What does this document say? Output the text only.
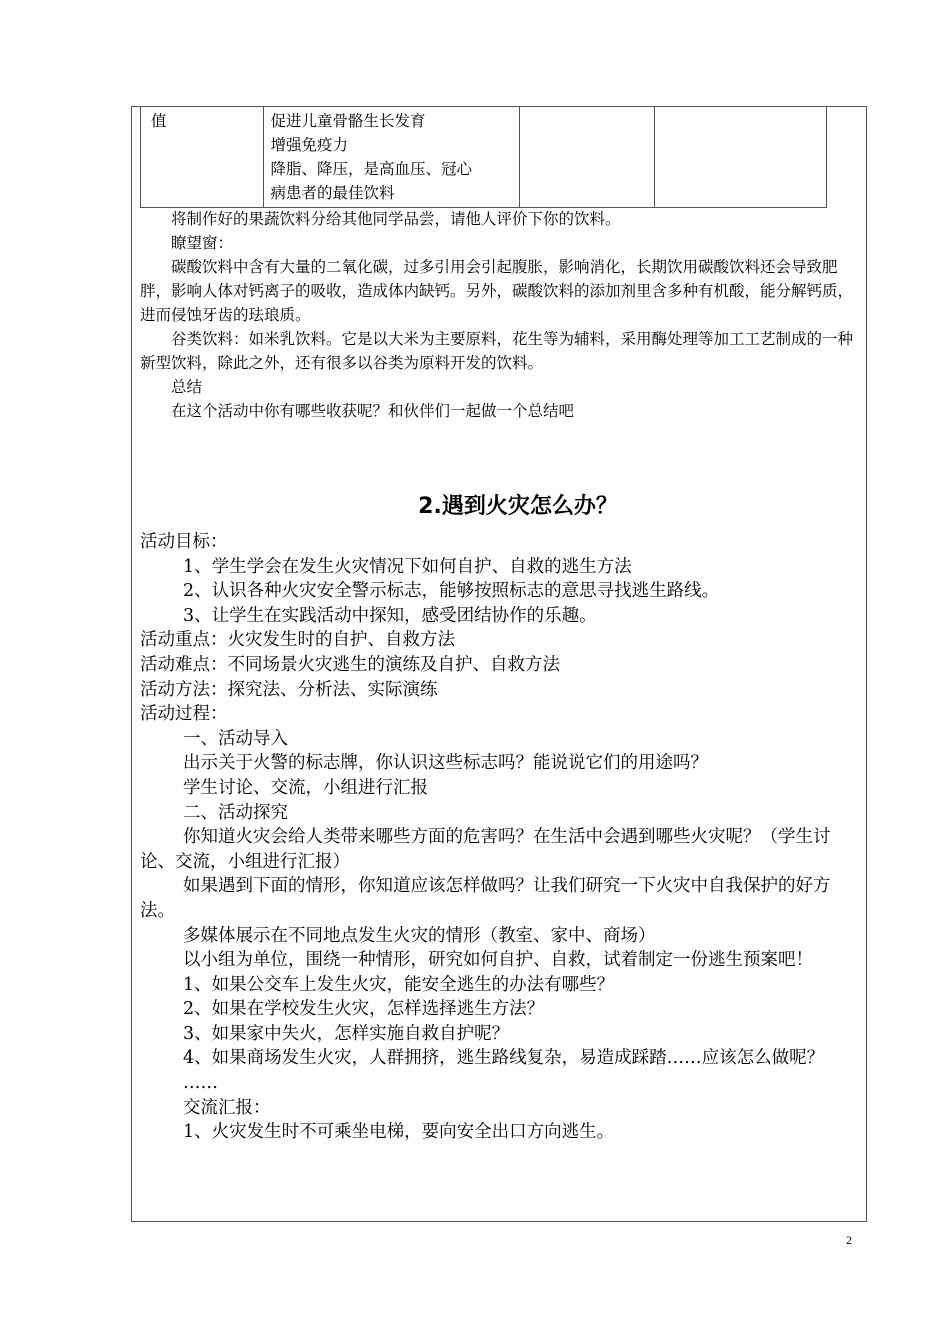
值	促进儿童骨骼生长发育
增强免疫力
降脂、降压，是高血压、冠心
病患者的最佳饮料

将制作好的果蔬饮料分给其他同学品尝，请他人评价下你的饮料。

瞭望窗：

碳酸饮料中含有大量的二氧化碳，过多引用会引起腹胀，影响消化，长期饮用碳酸饮料还会导致肥胖，影响人体对钙离子的吸收，造成体内缺钙。另外，碳酸饮料的添加剂里含多种有机酸，能分解钙质，进而侵蚀牙齿的珐琅质。

谷类饮料：如米乳饮料。它是以大米为主要原料，花生等为辅料，采用酶处理等加工工艺制成的一种新型饮料，除此之外，还有很多以谷类为原料开发的饮料。

总结

在这个活动中你有哪些收获呢？和伙伴们一起做一个总结吧

2.遇到火灾怎么办？

活动目标：

1、学生学会在发生火灾情况下如何自护、自救的逃生方法

2、认识各种火灾安全警示标志，能够按照标志的意思寻找逃生路线。

3、让学生在实践活动中探知，感受团结协作的乐趣。

活动重点：火灾发生时的自护、自救方法

活动难点：不同场景火灾逃生的演练及自护、自救方法

活动方法：探究法、分析法、实际演练

活动过程：

一、活动导入

出示关于火警的标志牌，你认识这些标志吗？能说说它们的用途吗？

学生讨论、交流，小组进行汇报

二、活动探究

你知道火灾会给人类带来哪些方面的危害吗？在生活中会遇到哪些火灾呢？（学生讨论、交流，小组进行汇报）

如果遇到下面的情形，你知道应该怎样做吗？让我们研究一下火灾中自我保护的好方法。

多媒体展示在不同地点发生火灾的情形（教室、家中、商场）

以小组为单位，围绕一种情形，研究如何自护、自救，试着制定一份逃生预案吧！

1、如果公交车上发生火灾，能安全逃生的办法有哪些？

2、如果在学校发生火灾，怎样选择逃生方法？

3、如果家中失火，怎样实施自救自护呢？

4、如果商场发生火灾，人群拥挤，逃生路线复杂，易造成踩踏……应该怎么做呢？

……

交流汇报：

1、火灾发生时不可乘坐电梯，要向安全出口方向逃生。

2
